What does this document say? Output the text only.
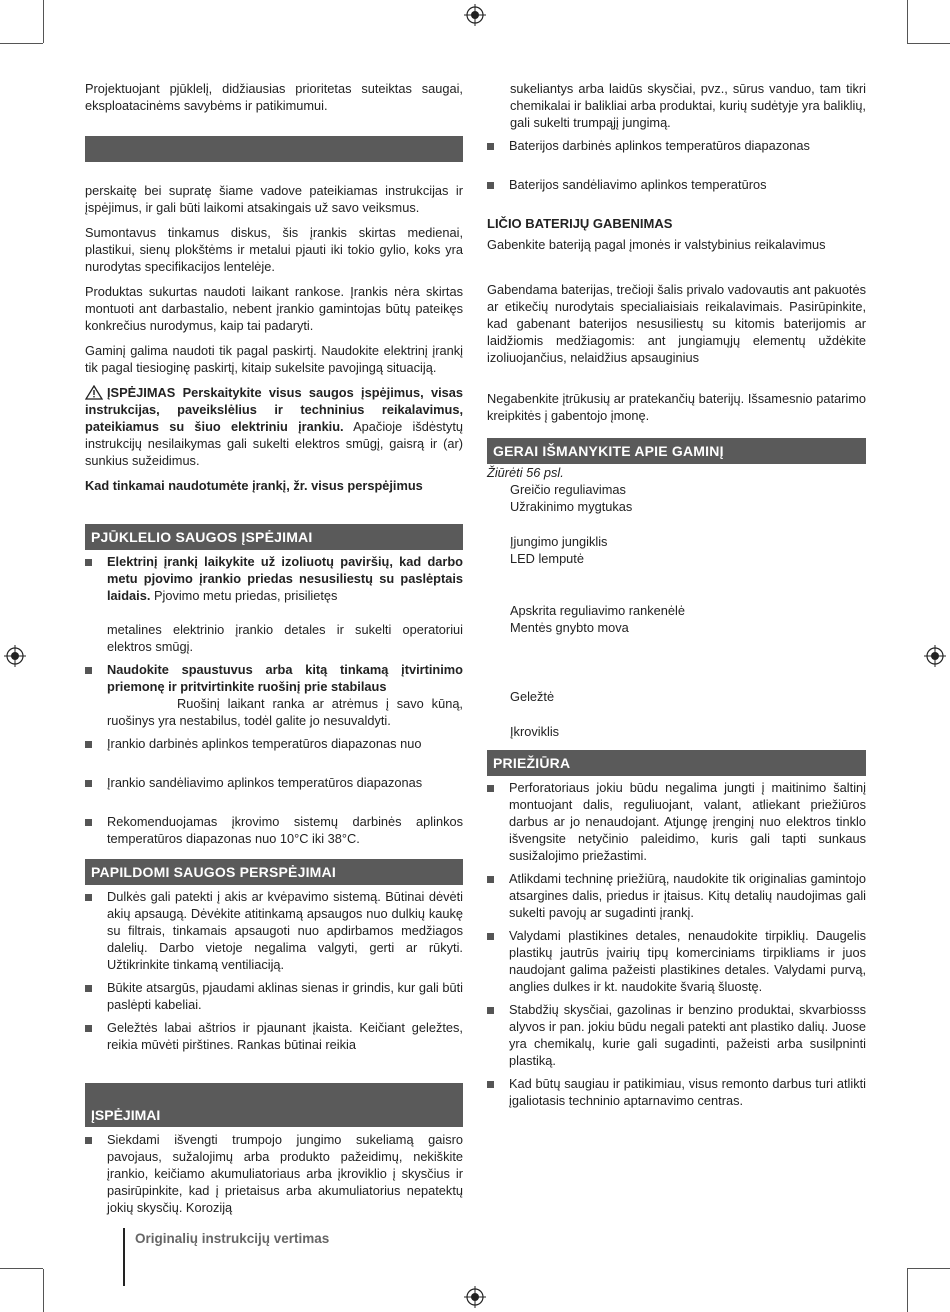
Projektuojant pjūklelį, didžiausias prioritetas suteiktas saugai, eksploatacinėms savybėms ir patikimumui.

perskaitę bei supratę šiame vadove pateikiamas instrukcijas ir įspėjimus, ir gali būti laikomi atsakingais už savo veiksmus.

Sumontavus tinkamus diskus, šis įrankis skirtas medienai, plastikui, sienų plokštėms ir metalui pjauti iki tokio gylio, koks yra nurodytas specifikacijos lentelėje.

Produktas sukurtas naudoti laikant rankose. Įrankis nėra skirtas montuoti ant darbastalio, nebent įrankio gamintojas būtų pateikęs konkrečius nurodymus, kaip tai padaryti.

Gaminį galima naudoti tik pagal paskirtį. Naudokite elektrinį įrankį tik pagal tiesioginę paskirtį, kitaip sukelsite pavojingą situaciją.

ĮSPĖJIMAS Perskaitykite visus saugos įspėjimus, visas instrukcijas, paveikslėlius ir techninius reikalavimus, pateikiamus su šiuo elektriniu įrankiu. Apačioje išdėstytų instrukcijų nesilaikymas gali sukelti elektros smūgį, gaisrą ir (ar) sunkius sužeidimus.

Kad tinkamai naudotumėte įrankį, žr. visus perspėjimus

PJŪKLELIO SAUGOS ĮSPĖJIMAI
Elektrinį įrankį laikykite už izoliuotų paviršių, kad darbo metu pjovimo įrankio priedas nesusiliestų su paslėptais laidais. Pjovimo metu priedas, prisilietęs
metalines elektrinio įrankio detales ir sukelti operatoriui elektros smūgį.
Naudokite spaustuvus arba kitą tinkamą įtvirtinimo priemonę ir pritvirtinkite ruošinį prie stabilaus
Ruošinį laikant ranka ar atrėmus į savo kūną, ruošinys yra nestabilus, todėl galite jo nesuvaldyti.
Įrankio darbinės aplinkos temperatūros diapazonas nuo
Įrankio sandėliavimo aplinkos temperatūros diapazonas
Rekomenduojamas įkrovimo sistemų darbinės aplinkos temperatūros diapazonas nuo 10°C iki 38°C.
PAPILDOMI SAUGOS PERSPĖJIMAI
Dulkės gali patekti į akis ar kvėpavimo sistemą. Būtinai dėvėti akių apsaugą. Dėvėkite atitinkamą apsaugos nuo dulkių kaukę su filtrais, tinkamais apsaugoti nuo apdirbamos medžiagos dalelių. Darbo vietoje negalima valgyti, gerti ar rūkyti. Užtikrinkite tinkamą ventiliaciją.
Būkite atsargūs, pjaudami aklinas sienas ir grindis, kur gali būti paslėpti kabeliai.
Geležtės labai aštrios ir pjaunant įkaista. Keičiant geležtes, reikia mūvėti pirštines. Rankas būtinai reikia
ĮSPĖJIMAI
Siekdami išvengti trumpojo jungimo sukeliamą gaisro pavojaus, sužalojimų arba produkto pažeidimų, nekiškite įrankio, keičiamo akumuliatoriaus arba įkroviklio į skysčius ir pasirūpinkite, kad į prietaisus arba akumuliatorius nepatektų jokių skysčių. Koroziją

sukeliantys arba laidūs skysčiai, pvz., sūrus vanduo, tam tikri chemikalai ir balikliai arba produktai, kurių sudėtyje yra baliklių, gali sukelti trumpąjį jungimą.

Baterijos darbinės aplinkos temperatūros diapazonas
Baterijos sandėliavimo aplinkos temperatūros
LIČIO BATERIJŲ GABENIMAS

Gabenkite bateriją pagal įmonės ir valstybinius reikalavimus

Gabendama baterijas, trečioji šalis privalo vadovautis ant pakuotės ar etikečių nurodytais specialiaisiais reikalavimais. Pasirūpinkite, kad gabenant baterijos nesusiliestų su kitomis baterijomis ar laidžiomis medžiagomis: ant jungiamųjų elementų uždėkite izoliuojančius, nelaidžius apsauginius

Negabenkite įtrūkusių ar pratekančių baterijų. Išsamesnio patarimo kreipkitės į gabentojo įmonę.

GERAI IŠMANYKITE APIE GAMINĮ

Žiūrėti 56 psl.

Greičio reguliavimas
Užrakinimo mygtukas
Įjungimo jungiklis
LED lemputė
Apskrita reguliavimo rankenėlė
Mentės gnybto mova
Geležtė
Įkroviklis
PRIEŽIŪRA
Perforatoriaus jokiu būdu negalima jungti į maitinimo šaltinį montuojant dalis, reguliuojant, valant, atliekant priežiūros darbus ar jo nenaudojant. Atjungę įrenginį nuo elektros tinklo išvengsite netyčinio paleidimo, kuris gali tapti sunkaus susižalojimo priežastimi.
Atlikdami techninę priežiūrą, naudokite tik originalias gamintojo atsargines dalis, priedus ir įtaisus. Kitų detalių naudojimas gali sukelti pavojų ar sugadinti įrankį.
Valydami plastikines detales, nenaudokite tirpiklių. Daugelis plastikų jautrūs įvairių tipų komerciniams tirpikliams ir juos naudojant galima pažeisti plastikines detales. Valydami purvą, anglies dulkes ir kt. naudokite švarią šluostę.
Stabdžių skysčiai, gazolinas ir benzino produktai, skvarbiosss alyvos ir pan. jokiu būdu negali patekti ant plastiko dalių. Juose yra chemikalų, kurie gali sugadinti, pažeisti arba susilpninti plastiką.
Kad būtų saugiau ir patikimiau, visus remonto darbus turi atlikti įgaliotasis techninio aptarnavimo centras.
Originalių instrukcijų vertimas
